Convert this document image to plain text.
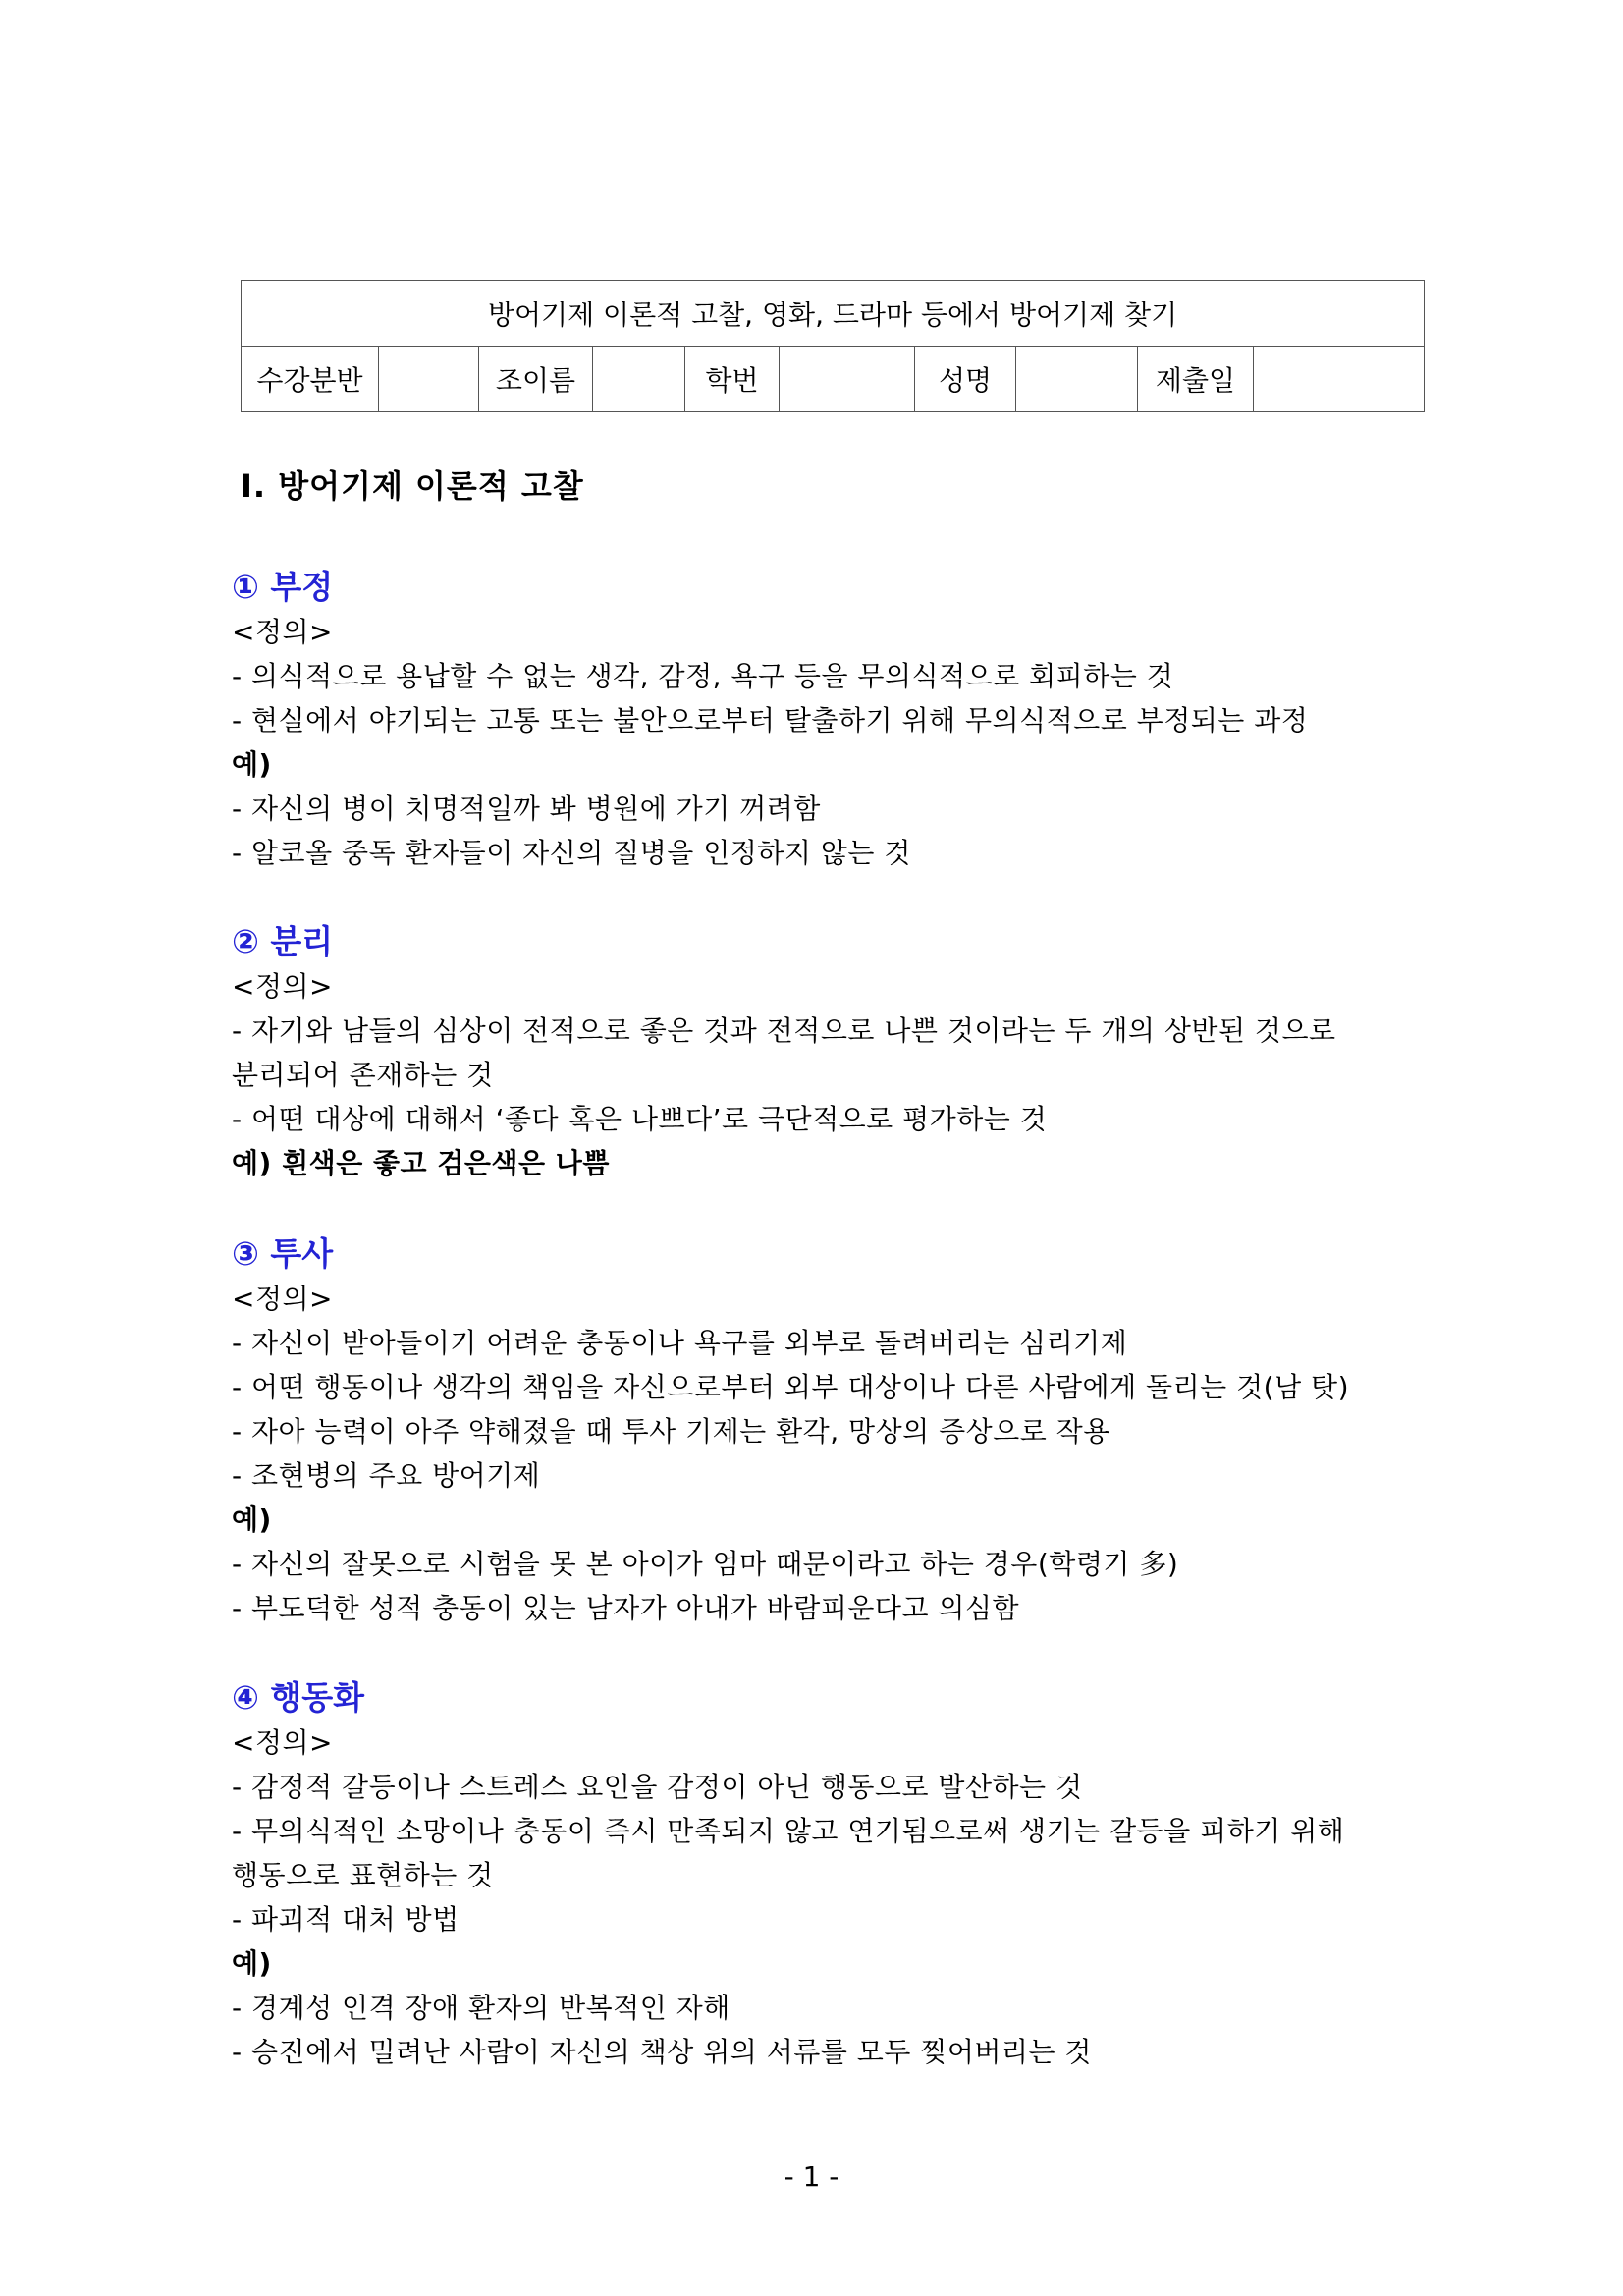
방어기제 이론적 고찰, 영화, 드라마 등에서 방어기제 찾기
수강분반		조이름		학번		성명		제출일	
Ⅰ. 방어기제 이론적 고찰
① 부정
<정의>
- 의식적으로 용납할 수 없는 생각, 감정, 욕구 등을 무의식적으로 회피하는 것
- 현실에서 야기되는 고통 또는 불안으로부터 탈출하기 위해 무의식적으로 부정되는 과정
예)
- 자신의 병이 치명적일까 봐 병원에 가기 꺼려함
- 알코올 중독 환자들이 자신의 질병을 인정하지 않는 것
② 분리
<정의>
- 자기와 남들의 심상이 전적으로 좋은 것과 전적으로 나쁜 것이라는 두 개의 상반된 것으로
분리되어 존재하는 것
- 어떤 대상에 대해서 ‘좋다 혹은 나쁘다’로 극단적으로 평가하는 것
예) 흰색은 좋고 검은색은 나쁨
③ 투사
<정의>
- 자신이 받아들이기 어려운 충동이나 욕구를 외부로 돌려버리는 심리기제
- 어떤 행동이나 생각의 책임을 자신으로부터 외부 대상이나 다른 사람에게 돌리는 것(남 탓)
- 자아 능력이 아주 약해졌을 때 투사 기제는 환각, 망상의 증상으로 작용
- 조현병의 주요 방어기제
예)
- 자신의 잘못으로 시험을 못 본 아이가 엄마 때문이라고 하는 경우(학령기 多)
- 부도덕한 성적 충동이 있는 남자가 아내가 바람피운다고 의심함
④ 행동화
<정의>
- 감정적 갈등이나 스트레스 요인을 감정이 아닌 행동으로 발산하는 것
- 무의식적인 소망이나 충동이 즉시 만족되지 않고 연기됨으로써 생기는 갈등을 피하기 위해
행동으로 표현하는 것
- 파괴적 대처 방법
예)
- 경계성 인격 장애 환자의 반복적인 자해
- 승진에서 밀려난 사람이 자신의 책상 위의 서류를 모두 찢어버리는 것
- 1 -
